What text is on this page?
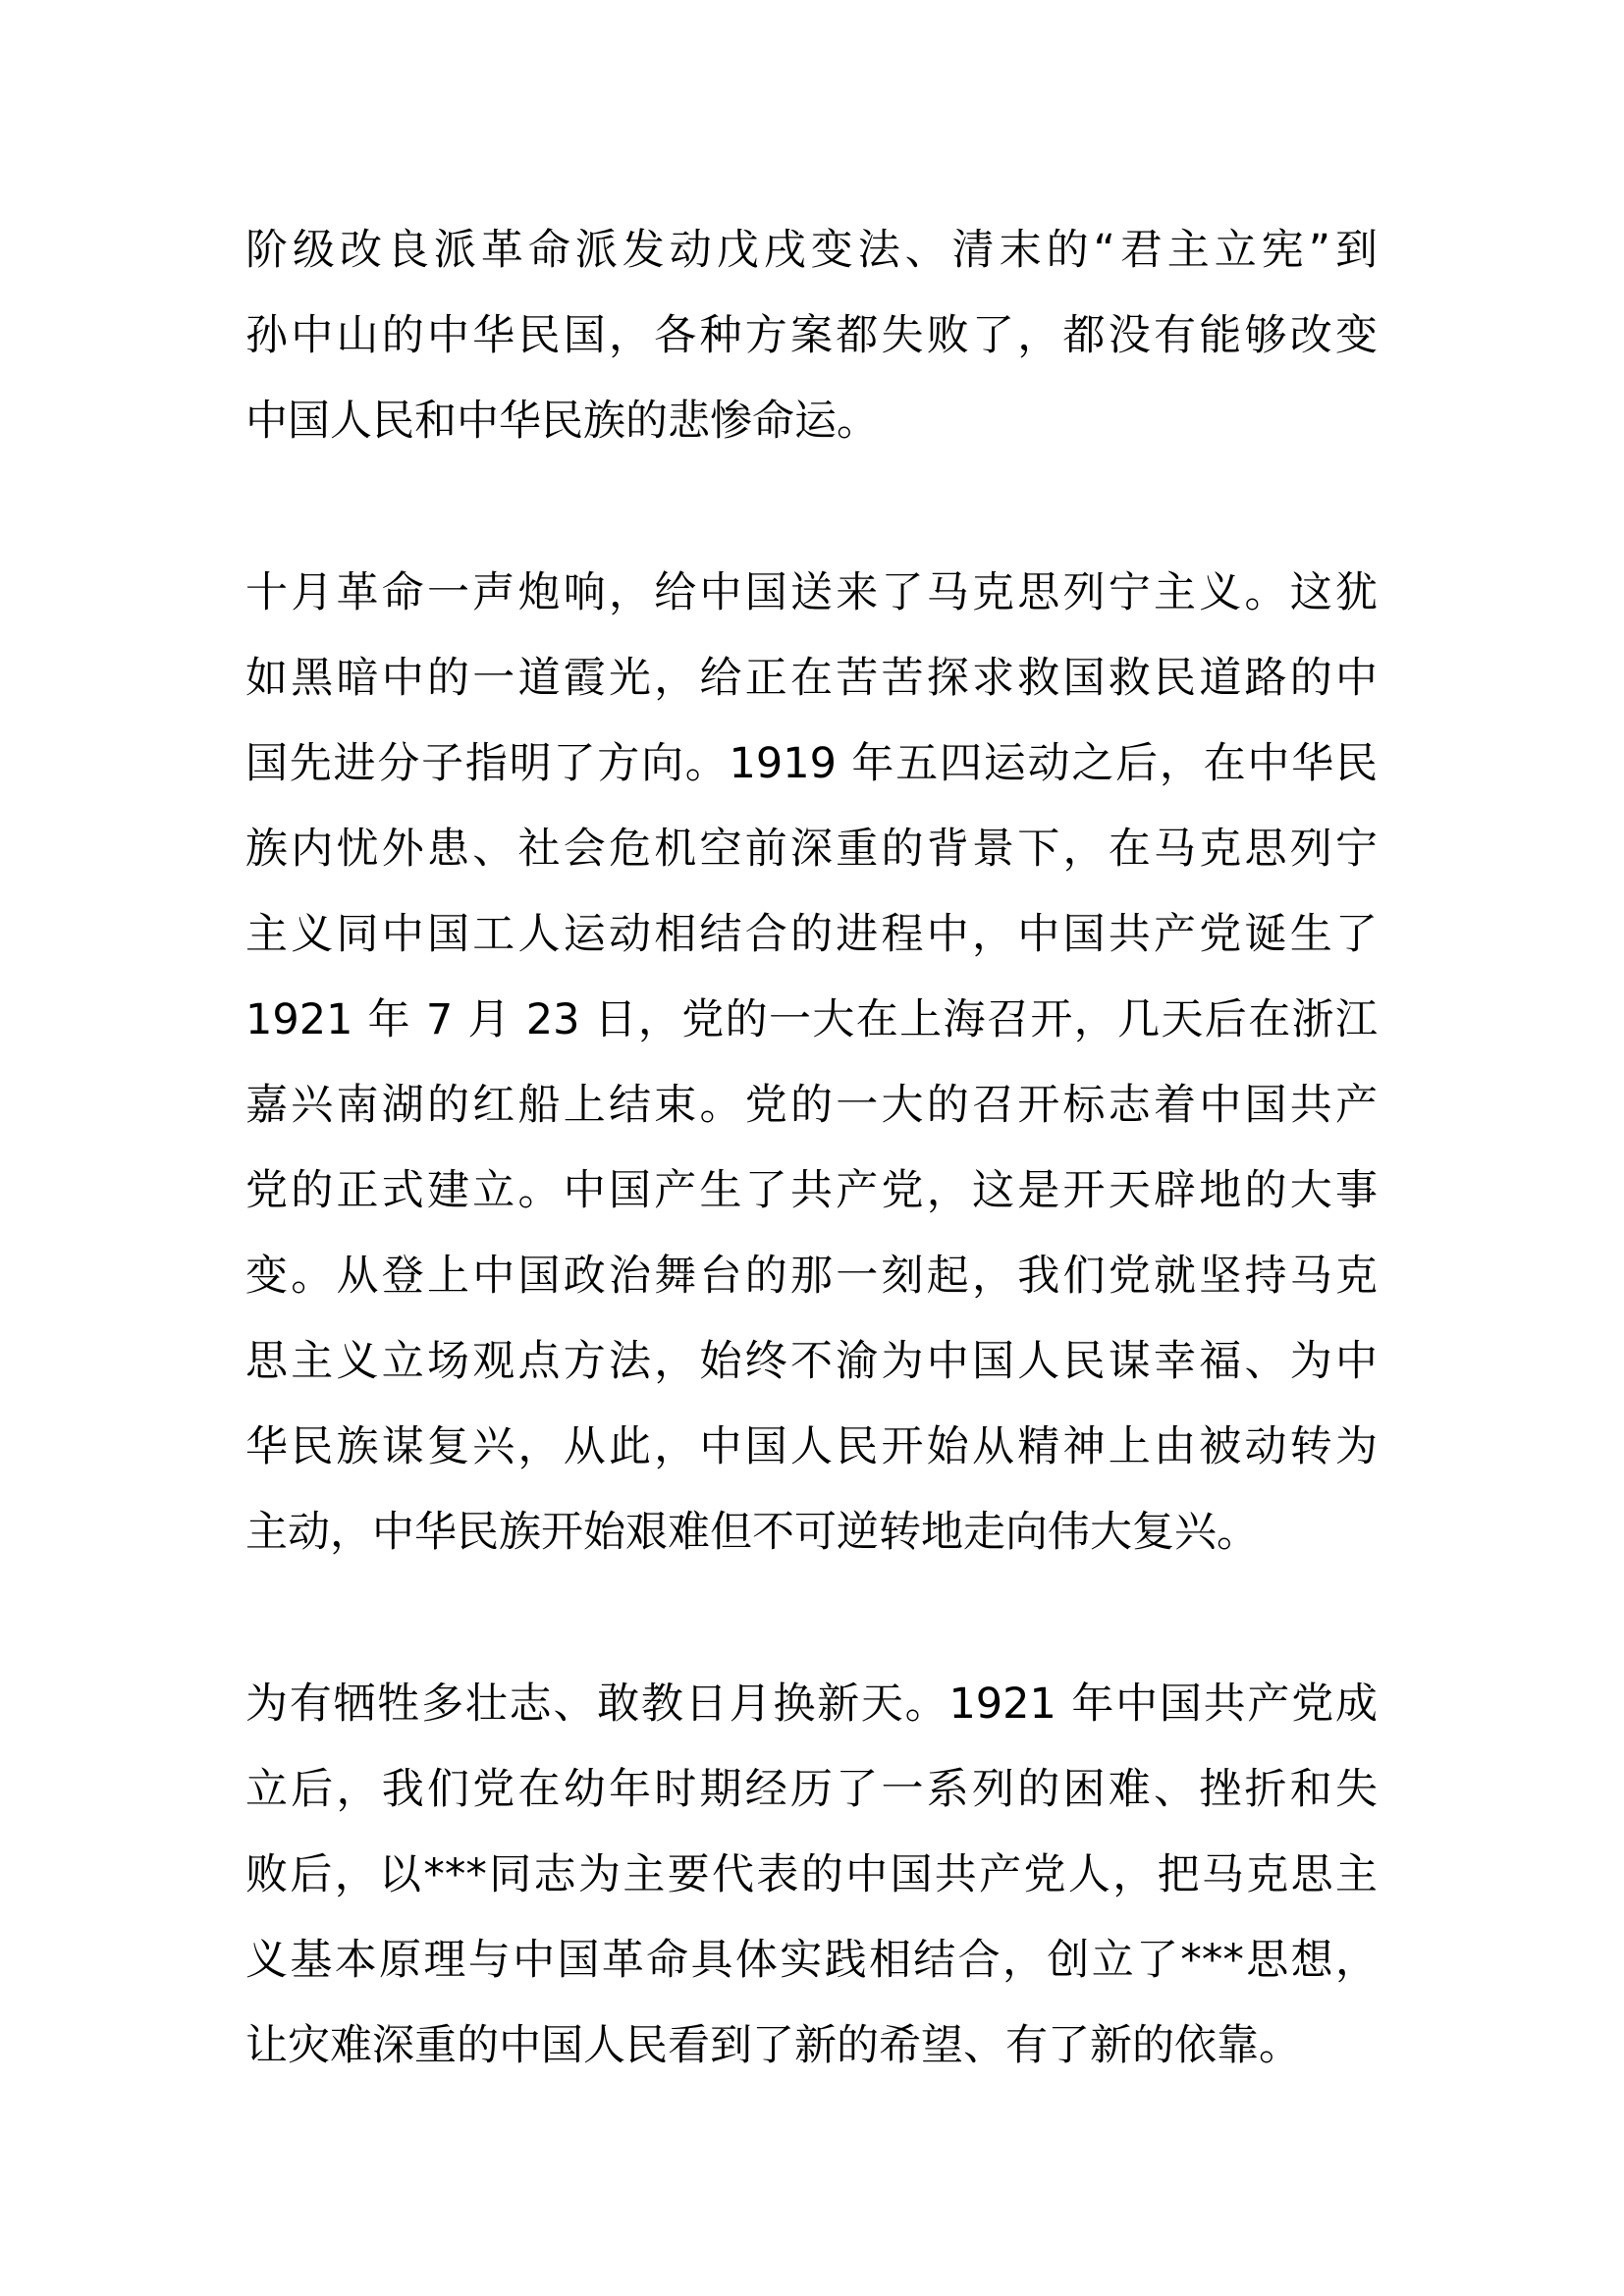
阶级改良派革命派发动戊戌变法、清末的“君主立宪”到
孙中山的中华民国，各种方案都失败了，都没有能够改变
中国人民和中华民族的悲惨命运。
十月革命一声炮响，给中国送来了马克思列宁主义。这犹
如黑暗中的一道霞光，给正在苦苦探求救国救民道路的中
国先进分子指明了方向。1919 年五四运动之后，在中华民
族内忧外患、社会危机空前深重的背景下，在马克思列宁
主义同中国工人运动相结合的进程中，中国共产党诞生了
1921 年 7 月 23 日，党的一大在上海召开，几天后在浙江
嘉兴南湖的红船上结束。党的一大的召开标志着中国共产
党的正式建立。中国产生了共产党，这是开天辟地的大事
变。从登上中国政治舞台的那一刻起，我们党就坚持马克
思主义立场观点方法，始终不渝为中国人民谋幸福、为中
华民族谋复兴，从此，中国人民开始从精神上由被动转为
主动，中华民族开始艰难但不可逆转地走向伟大复兴。
为有牺牲多壮志、敢教日月换新天。1921 年中国共产党成
立后，我们党在幼年时期经历了一系列的困难、挫折和失
败后，以***同志为主要代表的中国共产党人，把马克思主
义基本原理与中国革命具体实践相结合，创立了***思想，
让灾难深重的中国人民看到了新的希望、有了新的依靠。
